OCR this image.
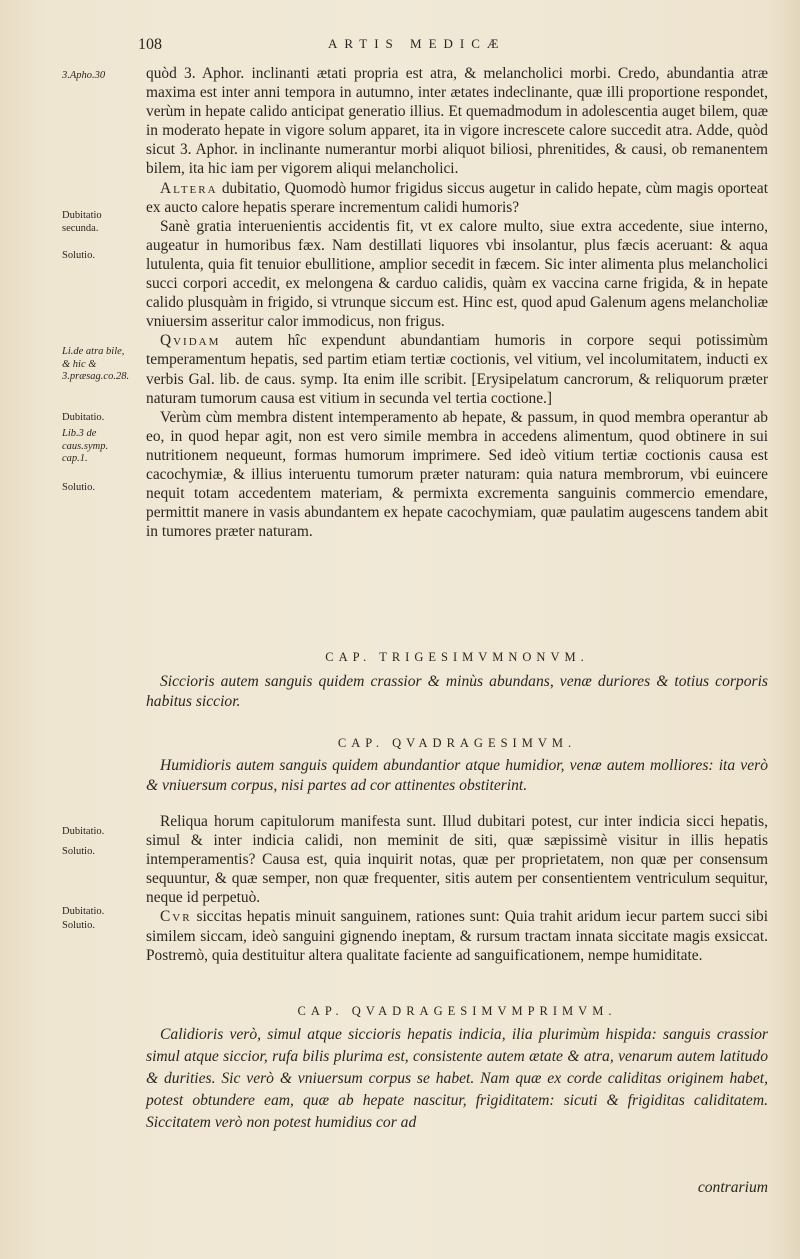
108	ARTIS MEDICÆ
3.Apho.30
Dubitatio secunda.
Solutio.
Li.de atra bile, & hic & 3.præsag.co.28.
Dubitatio.
Lib.3 de caus.symp. cap.1.
Solutio.
Dubitatio.
Solutio.
Dubitatio.
Solutio.

quòd 3. Aphor. inclinanti ætati propria est atra, & melancholici morbi. Credo, abundantia atræ maxima est inter anni tempora in autumno, inter ætates indeclinante, quæ illi proportione respondet, verùm in hepate calido anticipat generatio illius. Et quemadmodum in adolescentia auget bilem, quæ in moderato hepate in vigore solum apparet, ita in vigore increscete calore succedit atra. Adde, quòd sicut 3. Aphor. in inclinante numerantur morbi aliquot biliosi, phrenitides, & causi, ob remanentem bilem, ita hic iam per vigorem aliqui melancholici.

Altera dubitatio, Quomodò humor frigidus siccus augetur in calido hepate, cùm magis oporteat ex aucto calore hepatis sperare incrementum calidi humoris?

Sanè gratia interuenientis accidentis fit, vt ex calore multo, siue extra accedente, siue interno, augeatur in humoribus fæx. Nam destillati liquores vbi insolantur, plus fæcis aceruant: & aqua lutulenta, quia fit tenuior ebullitione, amplior secedit in fæcem. Sic inter alimenta plus melancholici succi corpori accedit, ex melongena & carduo calidis, quàm ex vaccina carne frigida, & in hepate calido plusquàm in frigido, si vtrunque siccum est. Hinc est, quod apud Galenum agens melancholiæ vniuersim asseritur calor immodicus, non frigus.

Qvidam autem hîc expendunt abundantiam humoris in corpore sequi potissimùm temperamentum hepatis, sed partim etiam tertiæ coctionis, vel vitium, vel incolumitatem, inducti ex verbis Gal. lib. de caus. symp. Ita enim ille scribit. [Erysipelatum cancrorum, & reliquorum præter naturam tumorum causa est vitium in secunda vel tertia coctione.]

Verùm cùm membra distent intemperamento ab hepate, & passum, in quod membra operantur ab eo, in quod hepar agit, non est vero simile membra in accedens alimentum, quod obtinere in sui nutritionem nequeunt, formas humorum imprimere. Sed ideò vitium tertiæ coctionis causa est cacochymiæ, & illius interuentu tumorum præter naturam: quia natura membrorum, vbi euincere nequit totam accedentem materiam, & permixta excrementa sanguinis commercio emendare, permittit manere in vasis abundantem ex hepate cacochymiam, quæ paulatim augescens tandem abit in tumores præter naturam.

CAP. TRIGESIMVMNONVM.

Siccioris autem sanguis quidem crassior & minùs abundans, venæ duriores & totius corporis habitus siccior.

CAP. QVADRAGESIMVM.

Humidioris autem sanguis quidem abundantior atque humidior, venæ autem molliores: ita verò & vniuersum corpus, nisi partes ad cor attinentes obstiterint.

Reliqua horum capitulorum manifesta sunt. Illud dubitari potest, cur inter indicia sicci hepatis, simul & inter indicia calidi, non meminit de siti, quæ sæpissimè visitur in illis hepatis intemperamentis? Causa est, quia inquirit notas, quæ per proprietatem, non quæ per consensum sequuntur, & quæ semper, non quæ frequenter, sitis autem per consentientem ventriculum sequitur, neque id perpetuò.

Cvr siccitas hepatis minuit sanguinem, rationes sunt: Quia trahit aridum iecur partem succi sibi similem siccam, ideò sanguini gignendo ineptam, & rursum tractam innata siccitate magis exsiccat. Postremò, quia destituitur altera qualitate faciente ad sanguificationem, nempe humiditate.

CAP. QVADRAGESIMVMPRIMVM.

Calidioris verò, simul atque siccioris hepatis indicia, ilia plurimùm hispida: sanguis crassior simul atque siccior, rufa bilis plurima est, consistente autem ætate & atra, venarum autem latitudo & durities. Sic verò & vniuersum corpus se habet. Nam quæ ex corde caliditas originem habet, potest obtundere eam, quæ ab hepate nascitur, frigiditatem: sicuti & frigiditas caliditatem. Siccitatem verò non potest humidius cor ad

contrarium
